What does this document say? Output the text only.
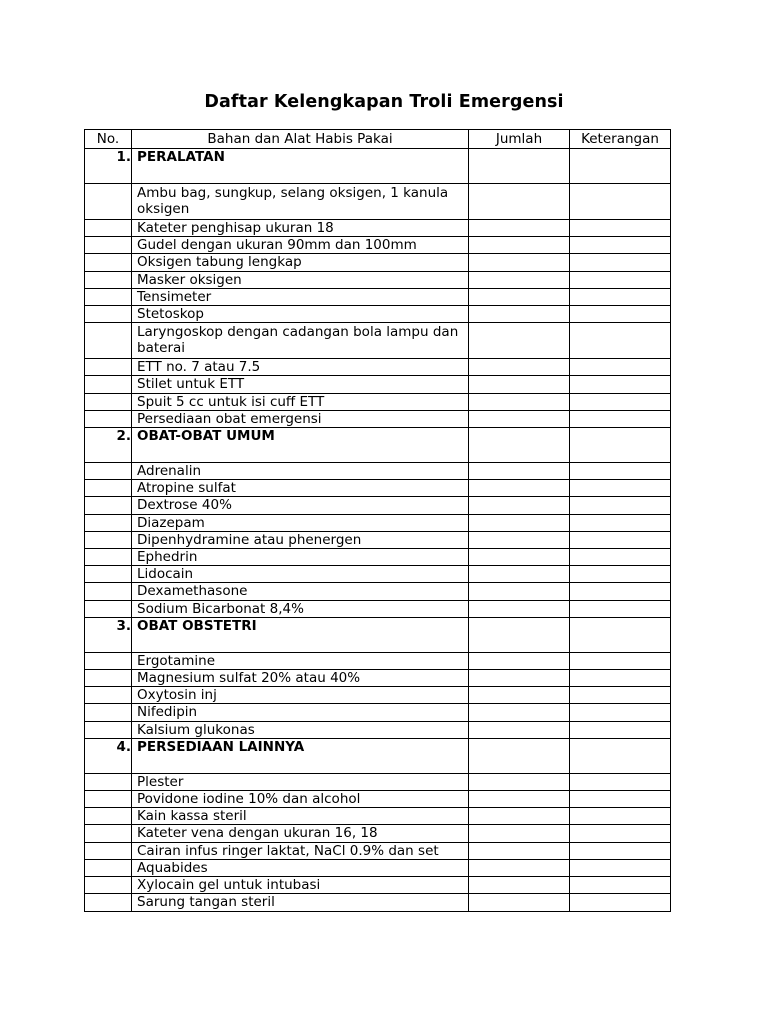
Daftar Kelengkapan Troli Emergensi
No.	Bahan dan Alat Habis Pakai	Jumlah	Keterangan
1.	PERALATAN		
	Ambu bag, sungkup, selang oksigen, 1 kanula oksigen		
	Kateter penghisap ukuran 18		
	Gudel dengan ukuran 90mm dan 100mm		
	Oksigen tabung lengkap		
	Masker oksigen		
	Tensimeter		
	Stetoskop		
	Laryngoskop dengan cadangan bola lampu dan baterai		
	ETT no. 7 atau 7.5		
	Stilet untuk ETT		
	Spuit 5 cc untuk isi cuff ETT		
	Persediaan obat emergensi		
2.	OBAT-OBAT UMUM		
	Adrenalin		
	Atropine sulfat		
	Dextrose 40%		
	Diazepam		
	Dipenhydramine atau phenergen		
	Ephedrin		
	Lidocain		
	Dexamethasone		
	Sodium Bicarbonat 8,4%		
3.	OBAT OBSTETRI		
	Ergotamine		
	Magnesium sulfat 20% atau 40%		
	Oxytosin inj		
	Nifedipin		
	Kalsium glukonas		
4.	PERSEDIAAN LAINNYA		
	Plester		
	Povidone iodine 10% dan alcohol		
	Kain kassa steril		
	Kateter vena dengan ukuran 16, 18		
	Cairan infus ringer laktat, NaCl 0.9% dan set		
	Aquabides		
	Xylocain gel untuk intubasi		
	Sarung tangan steril		
